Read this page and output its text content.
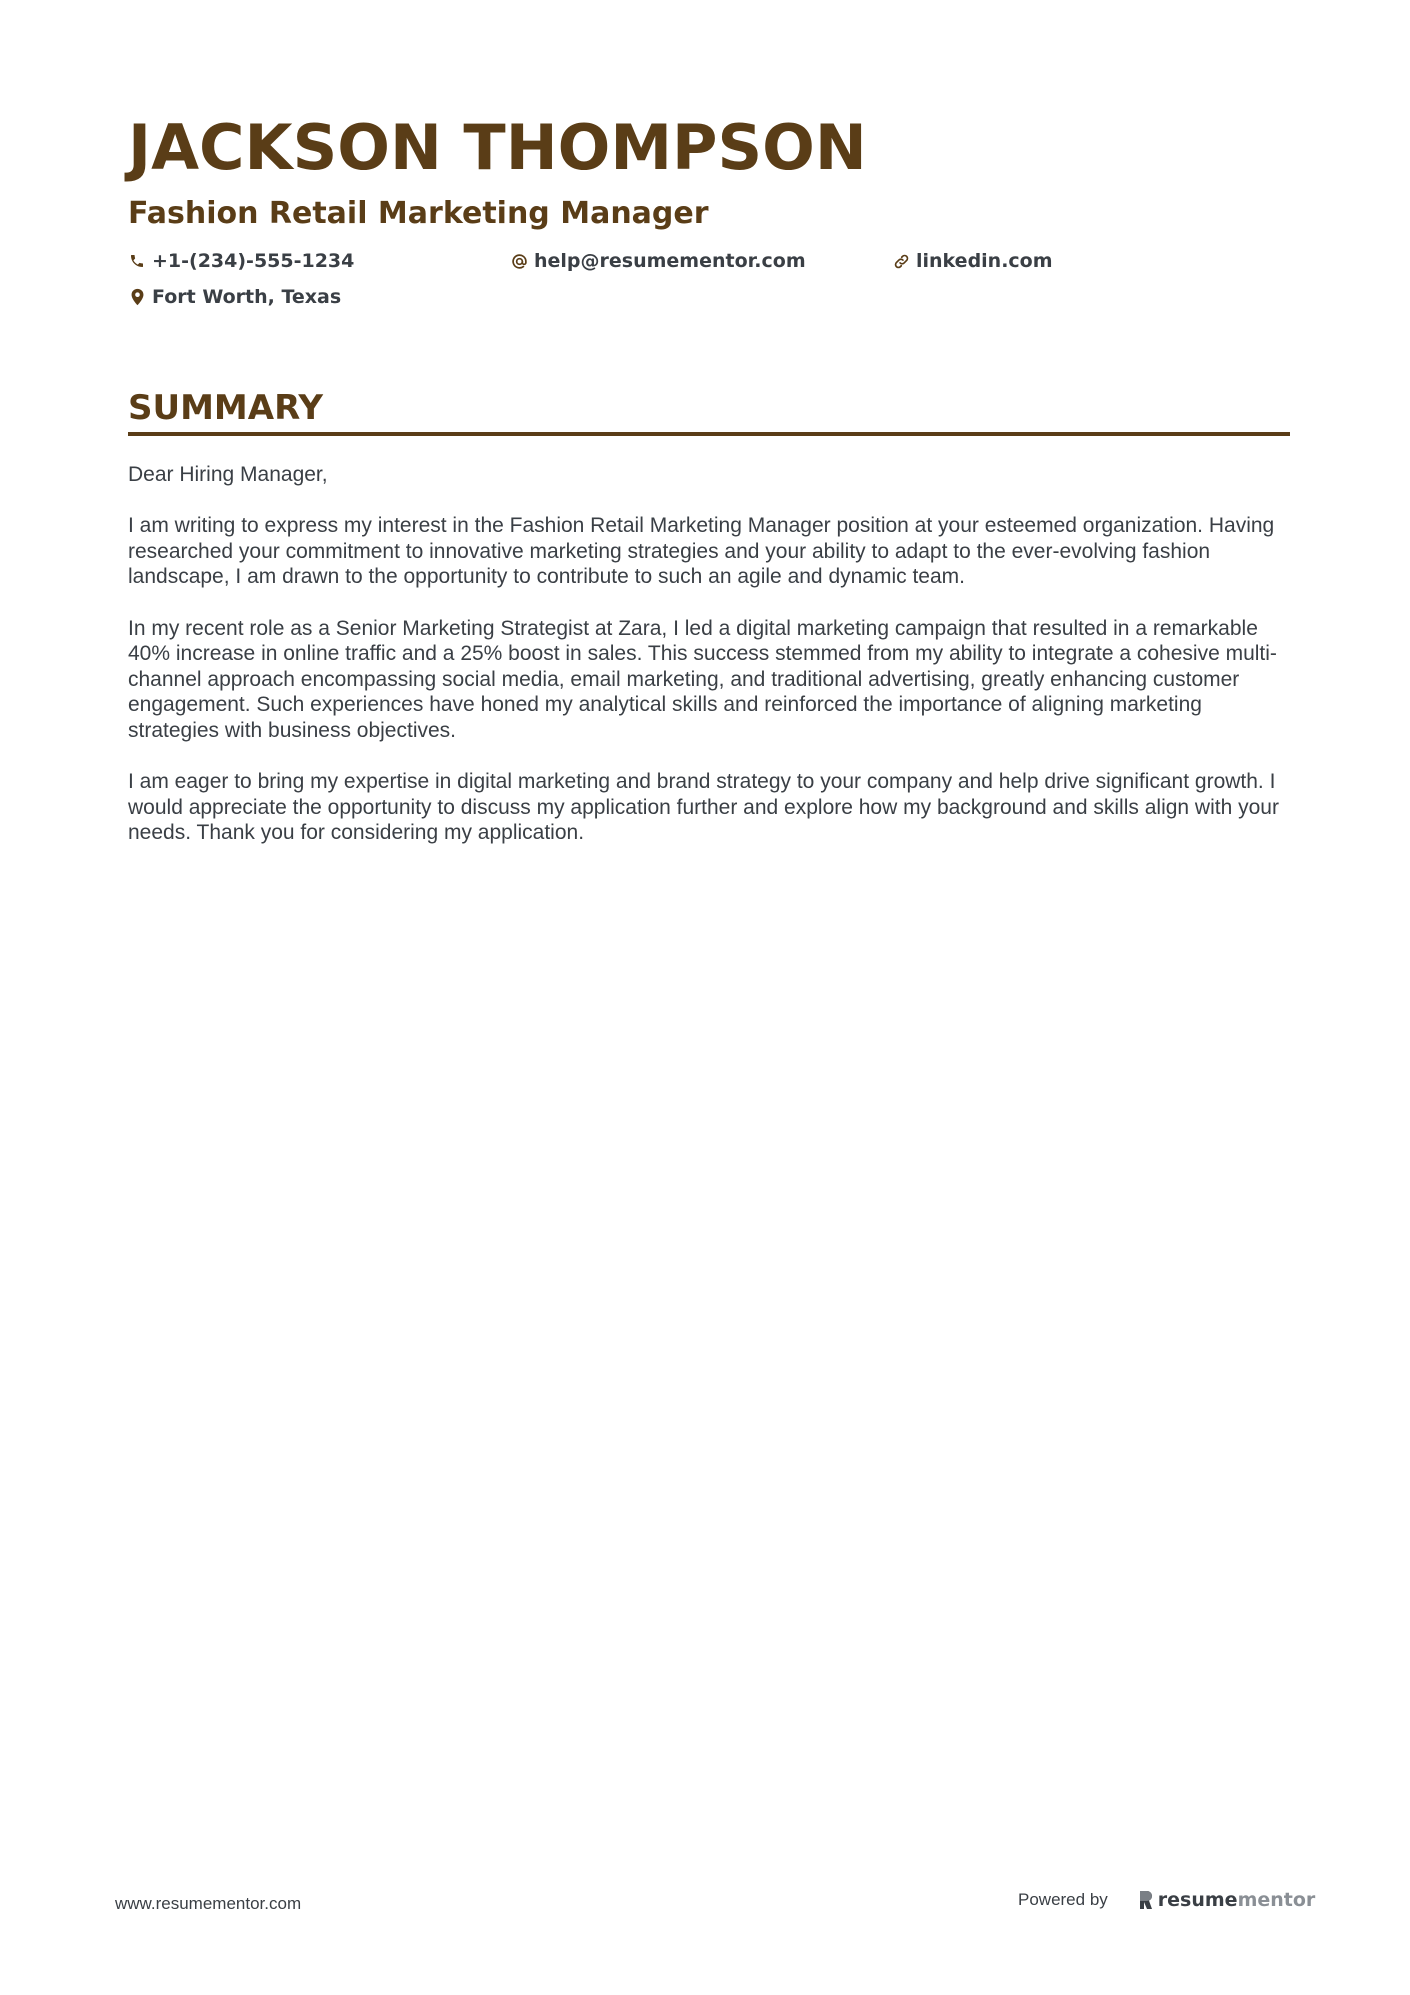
JACKSON THOMPSON
Fashion Retail Marketing Manager
+1-(234)-555-1234	help@resumementor.com	linkedin.com
Fort Worth, Texas
SUMMARY

Dear Hiring Manager,

I am writing to express my interest in the Fashion Retail Marketing Manager position at your esteemed organization. Having researched your commitment to innovative marketing strategies and your ability to adapt to the ever-evolving fashion landscape, I am drawn to the opportunity to contribute to such an agile and dynamic team.

In my recent role as a Senior Marketing Strategist at Zara, I led a digital marketing campaign that resulted in a remarkable 40% increase in online traffic and a 25% boost in sales. This success stemmed from my ability to integrate a cohesive multi-channel approach encompassing social media, email marketing, and traditional advertising, greatly enhancing customer engagement. Such experiences have honed my analytical skills and reinforced the importance of aligning marketing strategies with business objectives.

I am eager to bring my expertise in digital marketing and brand strategy to your company and help drive significant growth. I would appreciate the opportunity to discuss my application further and explore how my background and skills align with your needs. Thank you for considering my application.

www.resumementor.com	Powered by	resume mentor
